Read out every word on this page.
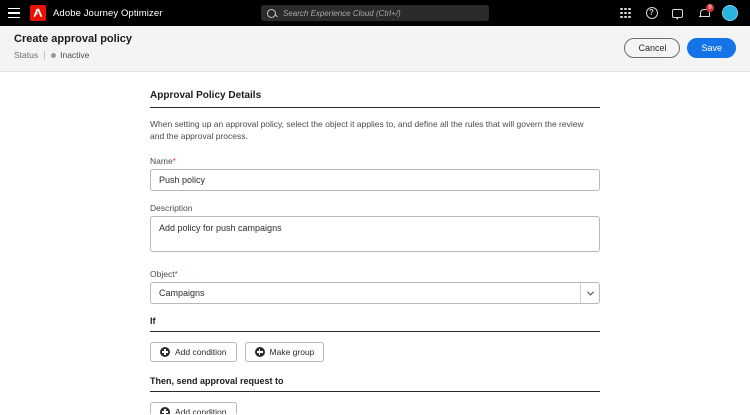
Adobe Journey Optimizer
Search Experience Cloud (Ctrl+/)	?
9
Create approval policy
Status	Inactive
Cancel	Save
Approval Policy Details

When setting up an approval policy, select the object it applies to, and define all the rules that will govern the review and the approval process.

Name*
Push policy
Description
Add policy for push campaigns
Object*
Campaigns
If
Add condition	Make group
Then, send approval request to
Add condition
